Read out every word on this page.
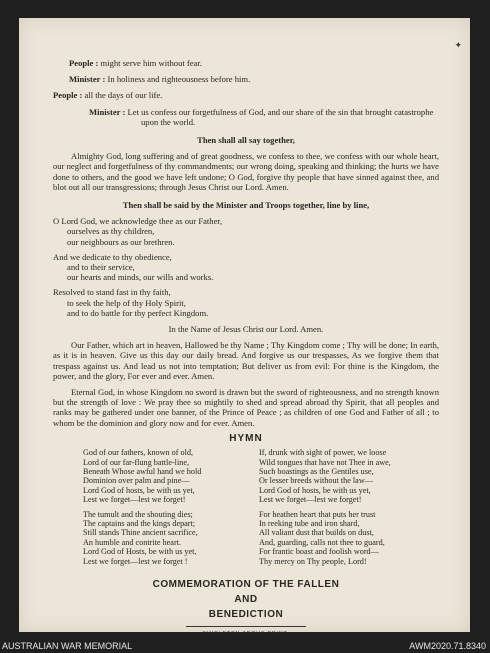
✦
People : might serve him without fear.
Minister : In holiness and righteousness before him.
People : all the days of our life.
Minister : Let us confess our forgetfulness of God, and our share of the sin that brought catastrophe upon the world.
Then shall all say together,
Almighty God, long suffering and of great goodness, we confess to thee, we confess with our whole heart, our neglect and forgetfulness of thy commandments; our wrong doing, speaking and thinking; the hurts we have done to others, and the good we have left undone; O God, forgive thy people that have sinned against thee, and blot out all our transgressions; through Jesus Christ our Lord. Amen.
Then shall be said by the Minister and Troops together, line by line,
O Lord God, we acknowledge thee as our Father,
ourselves as thy children,
our neighbours as our brethren.
And we dedicate to thy obedience,
and to their service,
our hearts and minds, our wills and works.
Resolved to stand fast in thy faith,
to seek the help of thy Holy Spirit,
and to do battle for thy perfect Kingdom.
In the Name of Jesus Christ our Lord. Amen.
Our Father, which art in heaven, Hallowed be thy Name ; Thy Kingdom come ; Thy will be done; In earth, as it is in heaven. Give us this day our daily bread. And forgive us our trespasses, As we forgive them that trespass against us. And lead us not into temptation; But deliver us from evil: For thine is the Kingdom, the power, and the glory, For ever and ever. Amen.
Eternal God, in whose Kingdom no sword is drawn but the sword of righteousness, and no strength known but the strength of love : We pray thee so mightily to shed and spread abroad thy Spirit, that all peoples and ranks may be gathered under one banner, of the Prince of Peace ; as children of one God and Father of all ; to whom be the dominion and glory now and for ever. Amen.
HYMN
God of our fathers, known of old,
Lord of our far-flung battle-line,
Beneath Whose awful hand we hold
Dominion over palm and pine—
Lord God of hosts, be with us yet,
Lest we forget—lest we forget!
The tumult and the shouting dies;
The captains and the kings depart;
Still stands Thine ancient sacrifice,
An humble and contrite heart.
Lord God of Hosts, be with us yet,
Lest we forget—lest we forget !
If, drunk with sight of power, we loose
Wild tongues that have not Thee in awe,
Such boastings as the Gentiles use,
Or lesser breeds without the law—
Lord God of hosts, be with us yet,
Lest we forget—lest we forget!
For heathen heart that puts her trust
In reeking tube and iron shard,
All valiant dust that builds on dust,
And, guarding, calls not thee to guard,
For frantic boast and foolish word—
Thy mercy on Thy people, Lord!
COMMEMORATION OF THE FALLEN
AND
BENEDICTION
SINGLETON ARGUS PRINT.
AUSTRALIAN WAR MEMORIAL	AWM2020.71.8340
